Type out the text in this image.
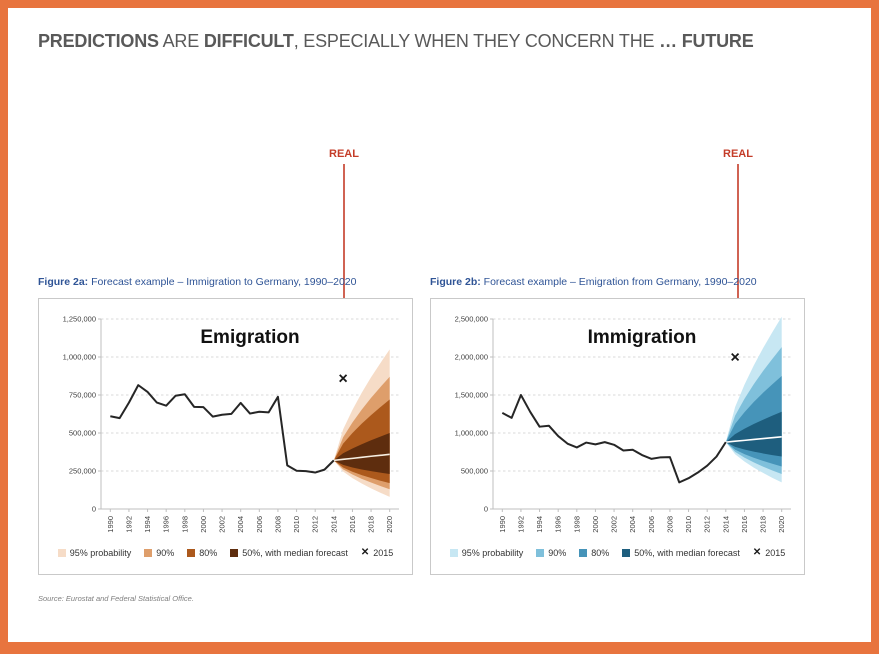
PREDICTIONS ARE DIFFICULT, ESPECIALLY WHEN THEY CONCERN THE … FUTURE
REAL	REAL

Figure 2a: Forecast example – Immigration to Germany, 1990–2020

0
250,000
500,000
750,000
1,000,000
1,250,000
1990 1992 1994 1996 1998 2000 2002 2004 2006 2008 2010 2012 2014 2016 2018 2020
Emigration
95% probability	90%	80%	50%, with median forecast ✕ 2015

Figure 2b: Forecast example – Emigration from Germany, 1990–2020

0
500,000
1,000,000
1,500,000
2,000,000
2,500,000
1990 1992 1994 1996 1998 2000 2002 2004 2006 2008 2010 2012 2014 2016 2018 2020
Immigration
95% probability	90%	80%	50%, with median forecast ✕ 2015

Source: Eurostat and Federal Statistical Office.
